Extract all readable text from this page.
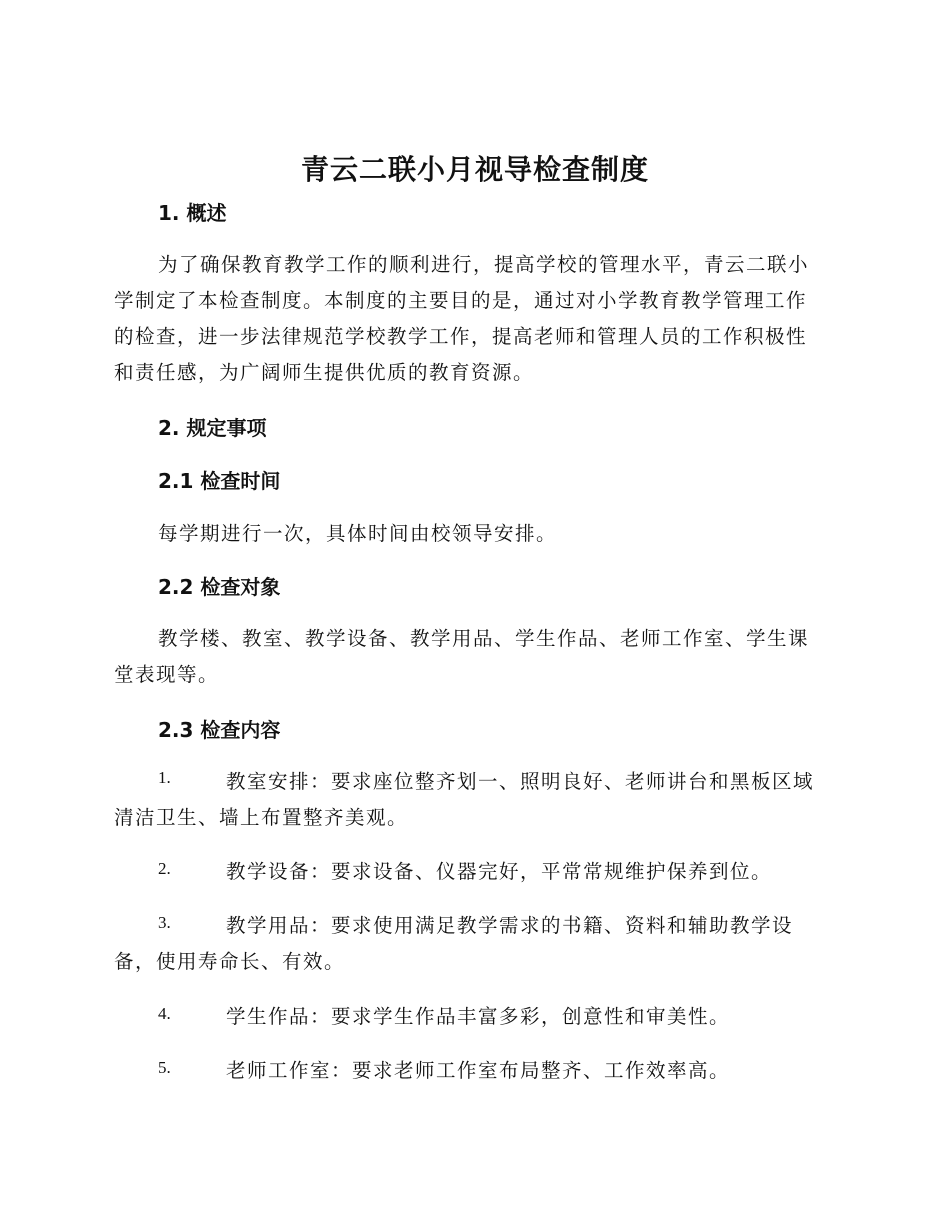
青云二联小月视导检查制度
1. 概述
为了确保教育教学工作的顺利进行，提高学校的管理水平，青云二联小
学制定了本检查制度。本制度的主要目的是，通过对小学教育教学管理工作
的检查，进一步法律规范学校教学工作，提高老师和管理人员的工作积极性
和责任感，为广阔师生提供优质的教育资源。
2. 规定事项
2.1 检查时间
每学期进行一次，具体时间由校领导安排。
2.2 检查对象
教学楼、教室、教学设备、教学用品、学生作品、老师工作室、学生课
堂表现等。
2.3 检查内容
1.	教室安排：要求座位整齐划一、照明良好、老师讲台和黑板区域
清洁卫生、墙上布置整齐美观。
2.	教学设备：要求设备、仪器完好，平常常规维护保养到位。
3.	教学用品：要求使用满足教学需求的书籍、资料和辅助教学设
备，使用寿命长、有效。
4.	学生作品：要求学生作品丰富多彩，创意性和审美性。
5.	老师工作室：要求老师工作室布局整齐、工作效率高。
